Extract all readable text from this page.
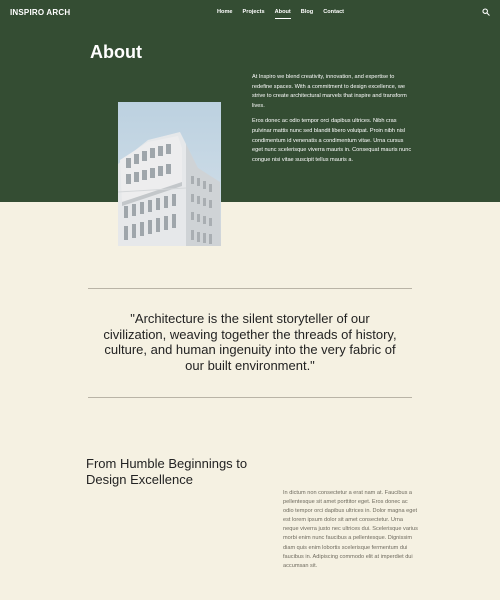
INSPIRO ARCH	Home Projects About Blog Contact
About

At Inspiro we blend creativity, innovation, and expertise to redefine spaces. With a commitment to design excellence, we strive to create architectural marvels that inspire and transform lives.

Eros donec ac odio tempor orci dapibus ultrices. Nibh cras pulvinar mattis nunc sed blandit libero volutpat. Proin nibh nisl condimentum id venenatis a condimentum vitae. Urna cursus eget nunc scelerisque viverra mauris in. Consequat mauris nunc congue nisi vitae suscipit tellus mauris a.

"Architecture is the silent storyteller of our civilization, weaving together the threads of history, culture, and human ingenuity into the very fabric of our built environment."
From Humble Beginnings to Design Excellence

In dictum non consectetur a erat nam at. Faucibus a pellentesque sit amet porttitor eget. Eros donec ac odio tempor orci dapibus ultrices in. Dolor magna eget est lorem ipsum dolor sit amet consectetur. Urna neque viverra justo nec ultrices dui. Scelerisque varius morbi enim nunc faucibus a pellentesque. Dignissim diam quis enim lobortis scelerisque fermentum dui faucibus in. Adipiscing commodo elit at imperdiet dui accumsan sit.
